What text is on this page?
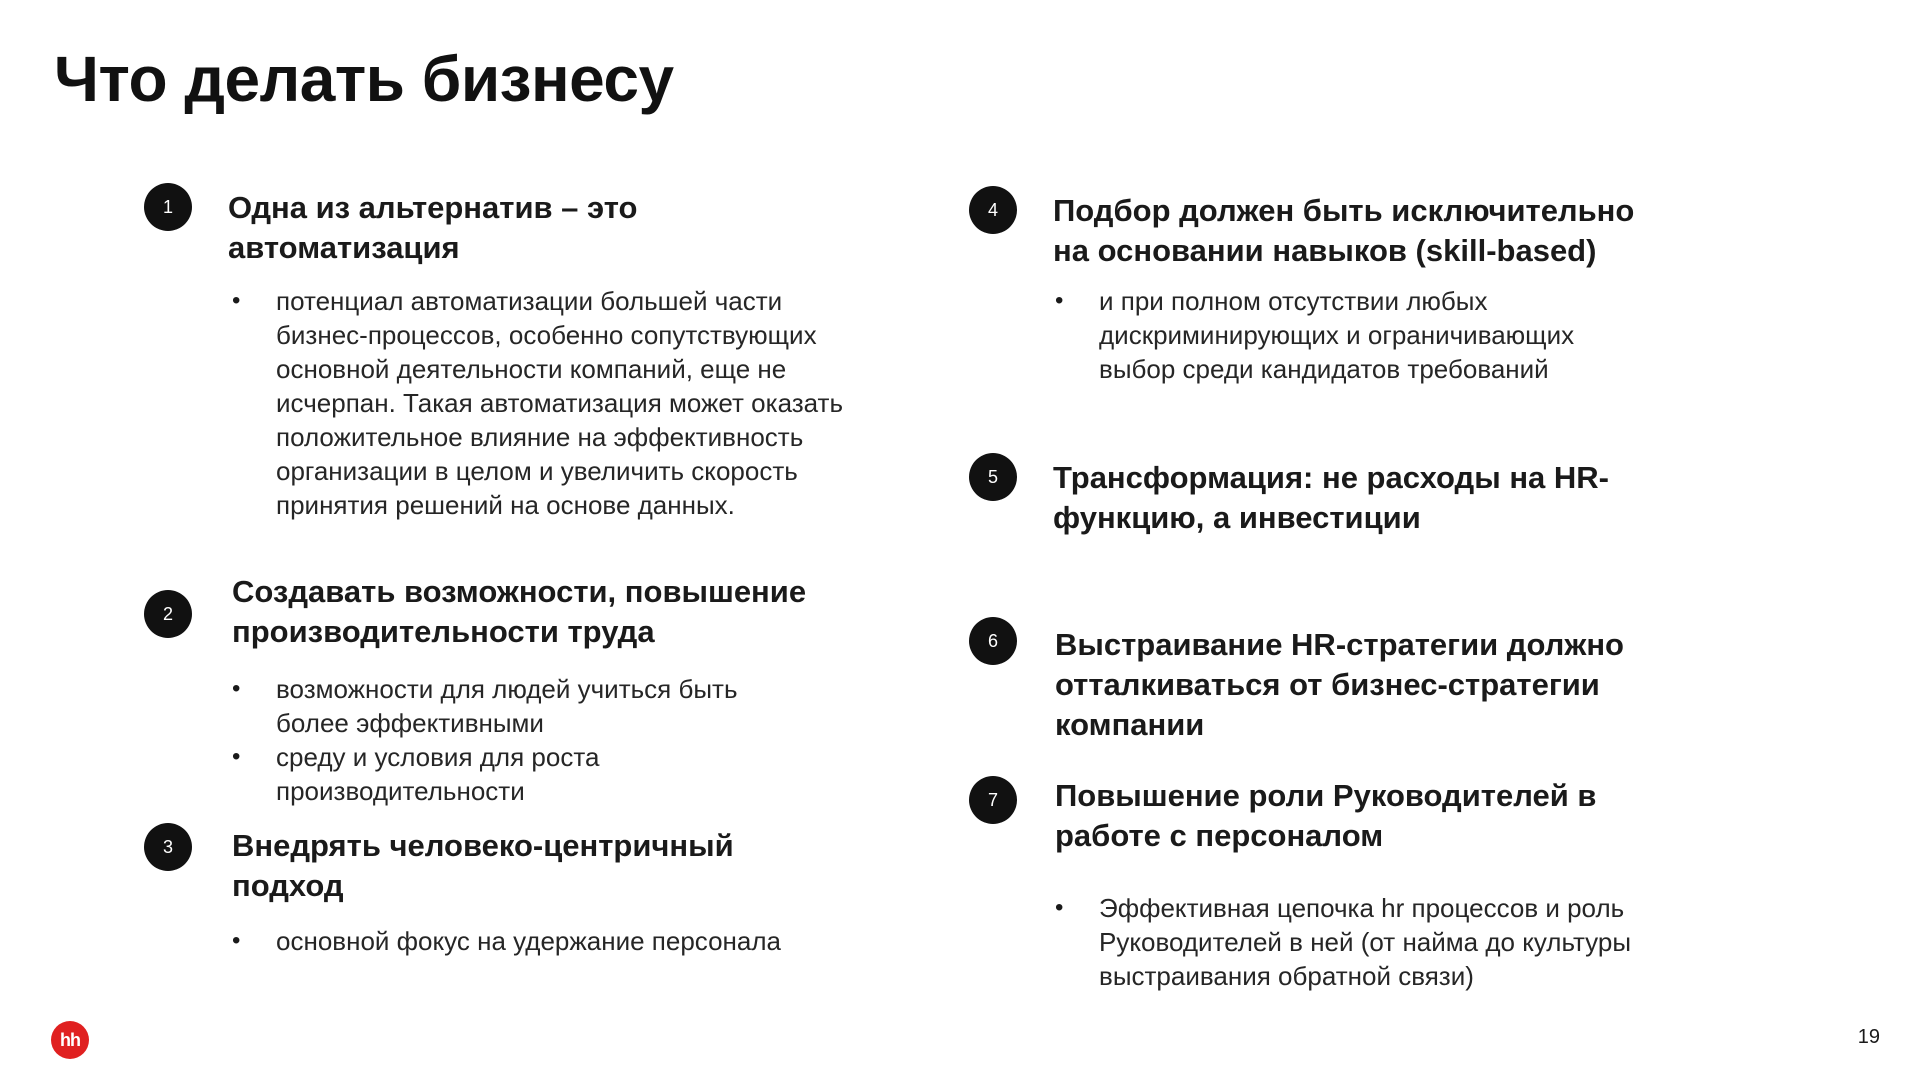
Что делать бизнесу
1	Одна из альтернатив – это автоматизация
• потенциал автоматизации большей части бизнес-процессов, особенно сопутствующих основной деятельности компаний, еще не исчерпан. Такая автоматизация может оказать положительное влияние на эффективность организации в целом и увеличить скорость принятия решений на основе данных.
2
Создавать возможности, повышение производительности труда
• возможности для людей учиться быть более эффективными
• среду и условия для роста производительности
3	Внедрять человеко-центричный подход
• основной фокус на удержание персонала
4	Подбор должен быть исключительно на основании навыков (skill-based)
• и при полном отсутствии любых дискриминирующих и ограничивающих выбор среди кандидатов требований
5	Трансформация: не расходы на HR-функцию, а инвестиции
6	Выстраивание HR-стратегии должно отталкиваться от бизнес-стратегии компании
7	Повышение роли Руководителей в работе с персоналом
• Эффективная цепочка hr процессов и роль Руководителей в ней (от найма до культуры выстраивания обратной связи)
hh	19
